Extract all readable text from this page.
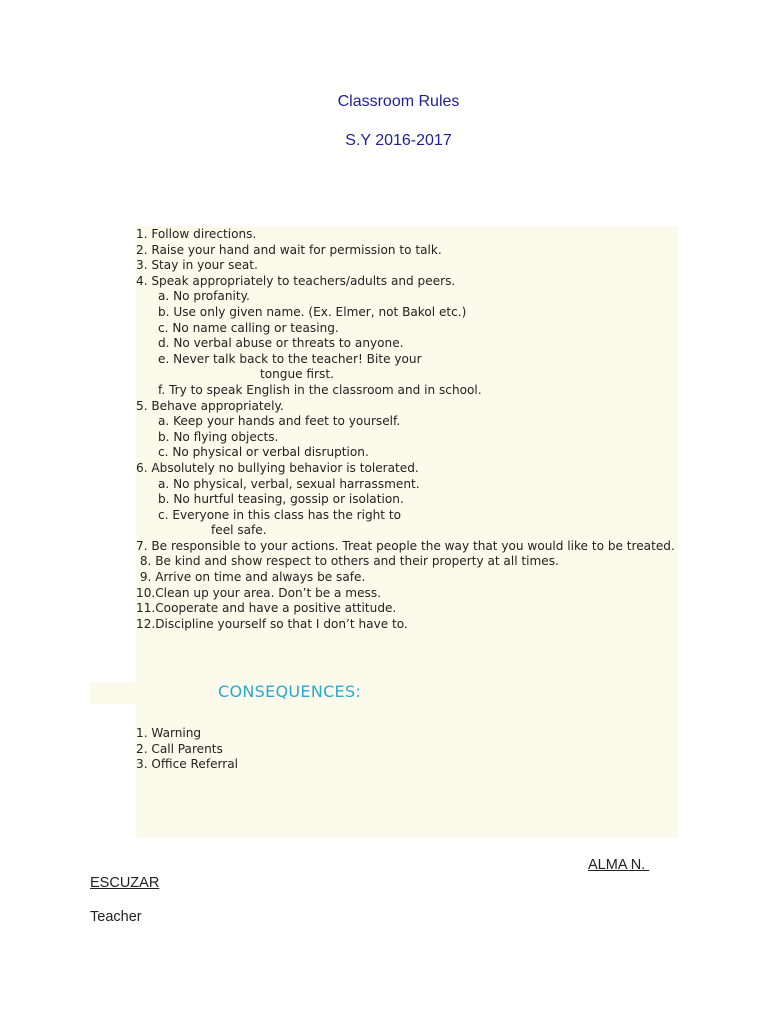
Classroom Rules
S.Y 2016-2017
1. Follow directions.
2. Raise your hand and wait for permission to talk.
3. Stay in your seat.
4. Speak appropriately to teachers/adults and peers.
a. No profanity.
b. Use only given name. (Ex. Elmer, not Bakol etc.)
c. No name calling or teasing.
d. No verbal abuse or threats to anyone.
e. Never talk back to the teacher! Bite your
tongue first.
f. Try to speak English in the classroom and in school.
5. Behave appropriately.
a. Keep your hands and feet to yourself.
b. No flying objects.
c. No physical or verbal disruption.
6. Absolutely no bullying behavior is tolerated.
a. No physical, verbal, sexual harrassment.
b. No hurtful teasing, gossip or isolation.
c. Everyone in this class has the right to
feel safe.
7. Be responsible to your actions. Treat people the way that you would like to be treated.
8. Be kind and show respect to others and their property at all times.
9. Arrive on time and always be safe.
10.Clean up your area. Don’t be a mess.
11.Cooperate and have a positive attitude.
12.Discipline yourself so that I don’t have to.
CONSEQUENCES:
1. Warning
2. Call Parents
3. Office Referral
ALMA N.
ESCUZAR
Teacher
